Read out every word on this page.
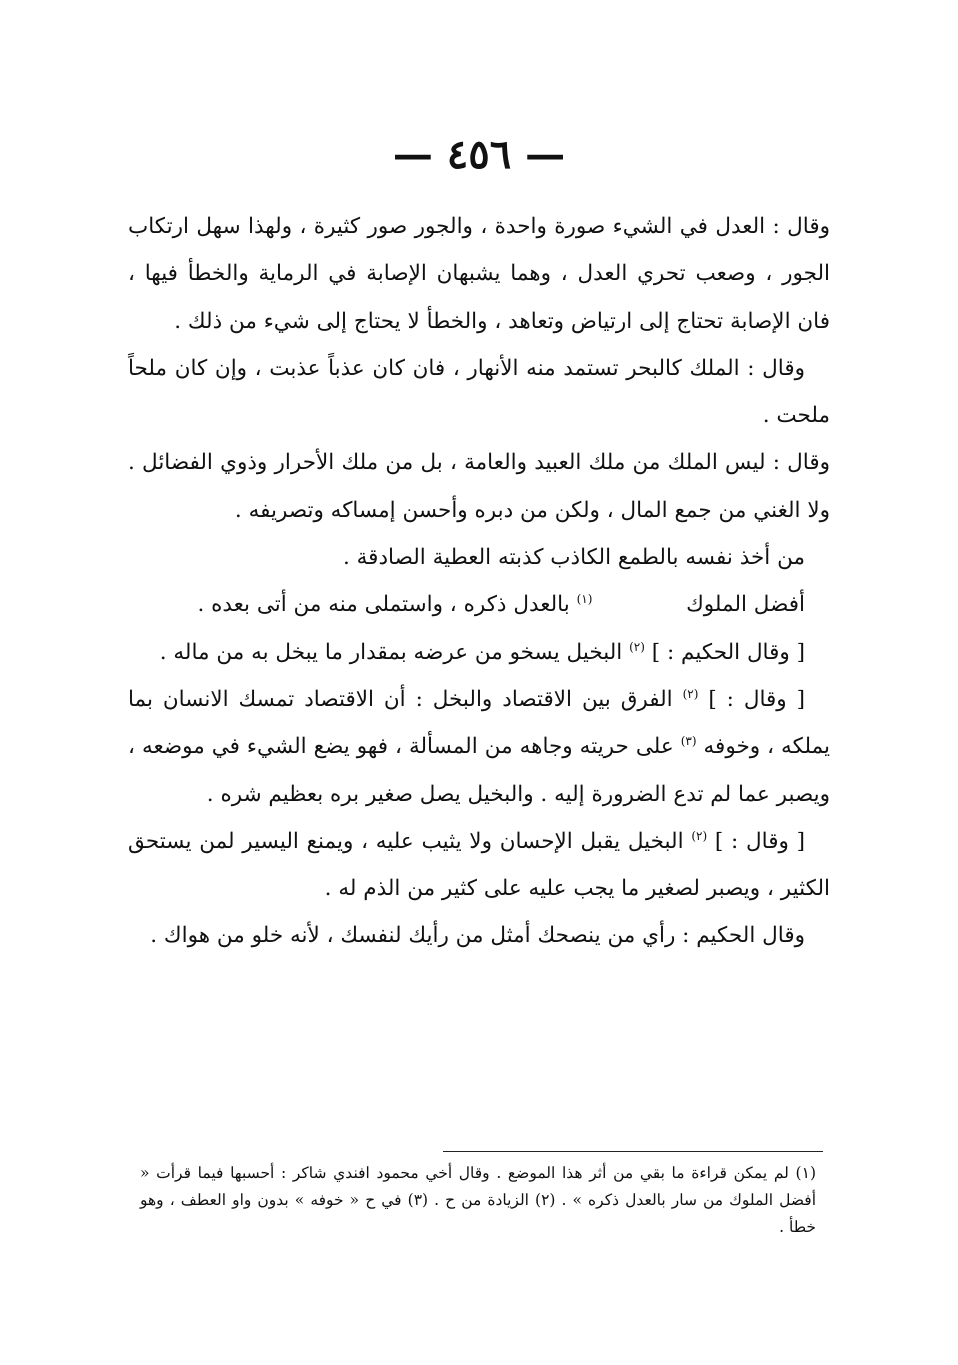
— ٤٥٦ —

وقال : العدل في الشيء صورة واحدة ، والجور صور كثيرة ، ولهذا سهل ارتكاب الجور ، وصعب تحري العدل ، وهما يشبهان الإصابة في الرماية والخطأ فيها ، فان الإصابة تحتاج إلى ارتياض وتعاهد ، والخطأ لا يحتاج إلى شيء من ذلك .

وقال : الملك كالبحر تستمد منه الأنهار ، فان كان عذباً عذبت ، وإن كان ملحاً ملحت .

وقال : ليس الملك من ملك العبيد والعامة ، بل من ملك الأحرار وذوي الفضائل . ولا الغني من جمع المال ، ولكن من دبره وأحسن إمساكه وتصريفه .

من أخذ نفسه بالطمع الكاذب كذبته العطية الصادقة .

أفضل الملوك  $^{(١)}$ بالعدل ذكره ، واستملى منه من أتى بعده .

[ وقال الحكيم : ] $^{(٢)}$ البخيل يسخو من عرضه بمقدار ما يبخل به من ماله .

[ وقال : ] $^{(٢)}$ الفرق بين الاقتصاد والبخل : أن الاقتصاد تمسك الانسان بما يملكه ، وخوفه $^{(٣)}$ على حريته وجاهه من المسألة ، فهو يضع الشيء في موضعه ، ويصبر عما لم تدع الضرورة إليه . والبخيل يصل صغير بره بعظيم شره .

[ وقال : ] $^{(٢)}$ البخيل يقبل الإحسان ولا يثيب عليه ، ويمنع اليسير لمن يستحق الكثير ، ويصبر لصغير ما يجب عليه على كثير من الذم له .

وقال الحكيم : رأي من ينصحك أمثل من رأيك لنفسك ، لأنه خلو من هواك .

(١) لم يمكن قراءة ما بقي من أثر هذا الموضع . وقال أخي محمود افندي شاكر : أحسبها فيما قرأت « أفضل الملوك من سار بالعدل ذكره » . (٢) الزيادة من ح . (٣) في ح « خوفه » بدون واو العطف ، وهو خطأ .
